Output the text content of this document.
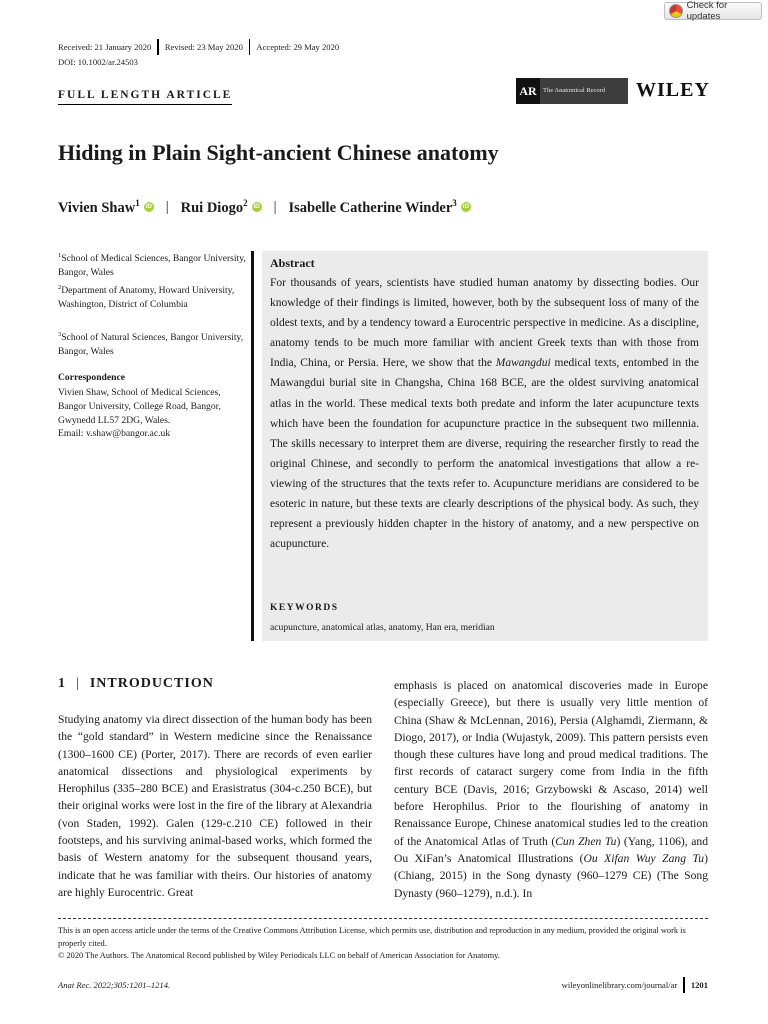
Check for updates
Received: 21 January 2020 Revised: 23 May 2020 Accepted: 29 May 2020
DOI: 10.1002/ar.24503
FULL LENGTH ARTICLE	AR The Anatomical Record WILEY
Hiding in Plain Sight-ancient Chinese anatomy
Vivien Shaw$^1$ iD | Rui Diogo$^2$ iD | Isabelle Catherine Winder$^3$ iD
$^1$School of Medical Sciences, Bangor University, Bangor, Wales
$^2$Department of Anatomy, Howard University, Washington, District of Columbia
$^3$School of Natural Sciences, Bangor University, Bangor, Wales
Correspondence
Vivien Shaw, School of Medical Sciences,
Bangor University, College Road, Bangor,
Gwynedd LL57 2DG, Wales.
Email: v.shaw@bangor.ac.uk
Abstract
For thousands of years, scientists have studied human anatomy by dissecting bodies. Our knowledge of their findings is limited, however, both by the subsequent loss of many of the oldest texts, and by a tendency toward a Eurocentric perspective in medicine. As a discipline, anatomy tends to be much more familiar with ancient Greek texts than with those from India, China, or Persia. Here, we show that the Mawangdui medical texts, entombed in the Mawangdui burial site in Changsha, China 168 BCE, are the oldest surviving anatomical atlas in the world. These medical texts both predate and inform the later acupuncture texts which have been the foundation for acupuncture practice in the subsequent two millennia. The skills necessary to interpret them are diverse, requiring the researcher firstly to read the original Chinese, and secondly to perform the anatomical investigations that allow a re-viewing of the structures that the texts refer to. Acupuncture meridians are considered to be esoteric in nature, but these texts are clearly descriptions of the physical body. As such, they represent a previously hidden chapter in the history of anatomy, and a new perspective on acupuncture.
KEYWORDS
acupuncture, anatomical atlas, anatomy, Han era, meridian
1 | INTRODUCTION
Studying anatomy via direct dissection of the human body has been the “gold standard” in Western medicine since the Renaissance (1300–1600 CE) (Porter, 2017). There are records of even earlier anatomical dissections and physiological experiments by Herophilus (335–280 BCE) and Erasistratus (304-c.250 BCE), but their original works were lost in the fire of the library at Alexandria (von Staden, 1992). Galen (129-c.210 CE) followed in their footsteps, and his surviving animal-based works, which formed the basis of Western anatomy for the subsequent thousand years, indicate that he was familiar with theirs. Our histories of anatomy are highly Eurocentric. Great
emphasis is placed on anatomical discoveries made in Europe (especially Greece), but there is usually very little mention of China (Shaw & McLennan, 2016), Persia (Alghamdi, Ziermann, & Diogo, 2017), or India (Wujastyk, 2009). This pattern persists even though these cultures have long and proud medical traditions. The first records of cataract surgery come from India in the fifth century BCE (Davis, 2016; Grzybowski & Ascaso, 2014) well before Herophilus. Prior to the flourishing of anatomy in Renaissance Europe, Chinese anatomical studies led to the creation of the Anatomical Atlas of Truth (Cun Zhen Tu) (Yang, 1106), and Ou XiFan’s Anatomical Illustrations (Ou Xifan Wuy Zang Tu) (Chiang, 2015) in the Song dynasty (960–1279 CE) (The Song Dynasty (960–1279), n.d.). In
This is an open access article under the terms of the Creative Commons Attribution License, which permits use, distribution and reproduction in any medium, provided the original work is properly cited.
© 2020 The Authors. The Anatomical Record published by Wiley Periodicals LLC on behalf of American Association for Anatomy.
Anat Rec. 2022;305:1201–1214.	wileyonlinelibrary.com/journal/ar 1201
